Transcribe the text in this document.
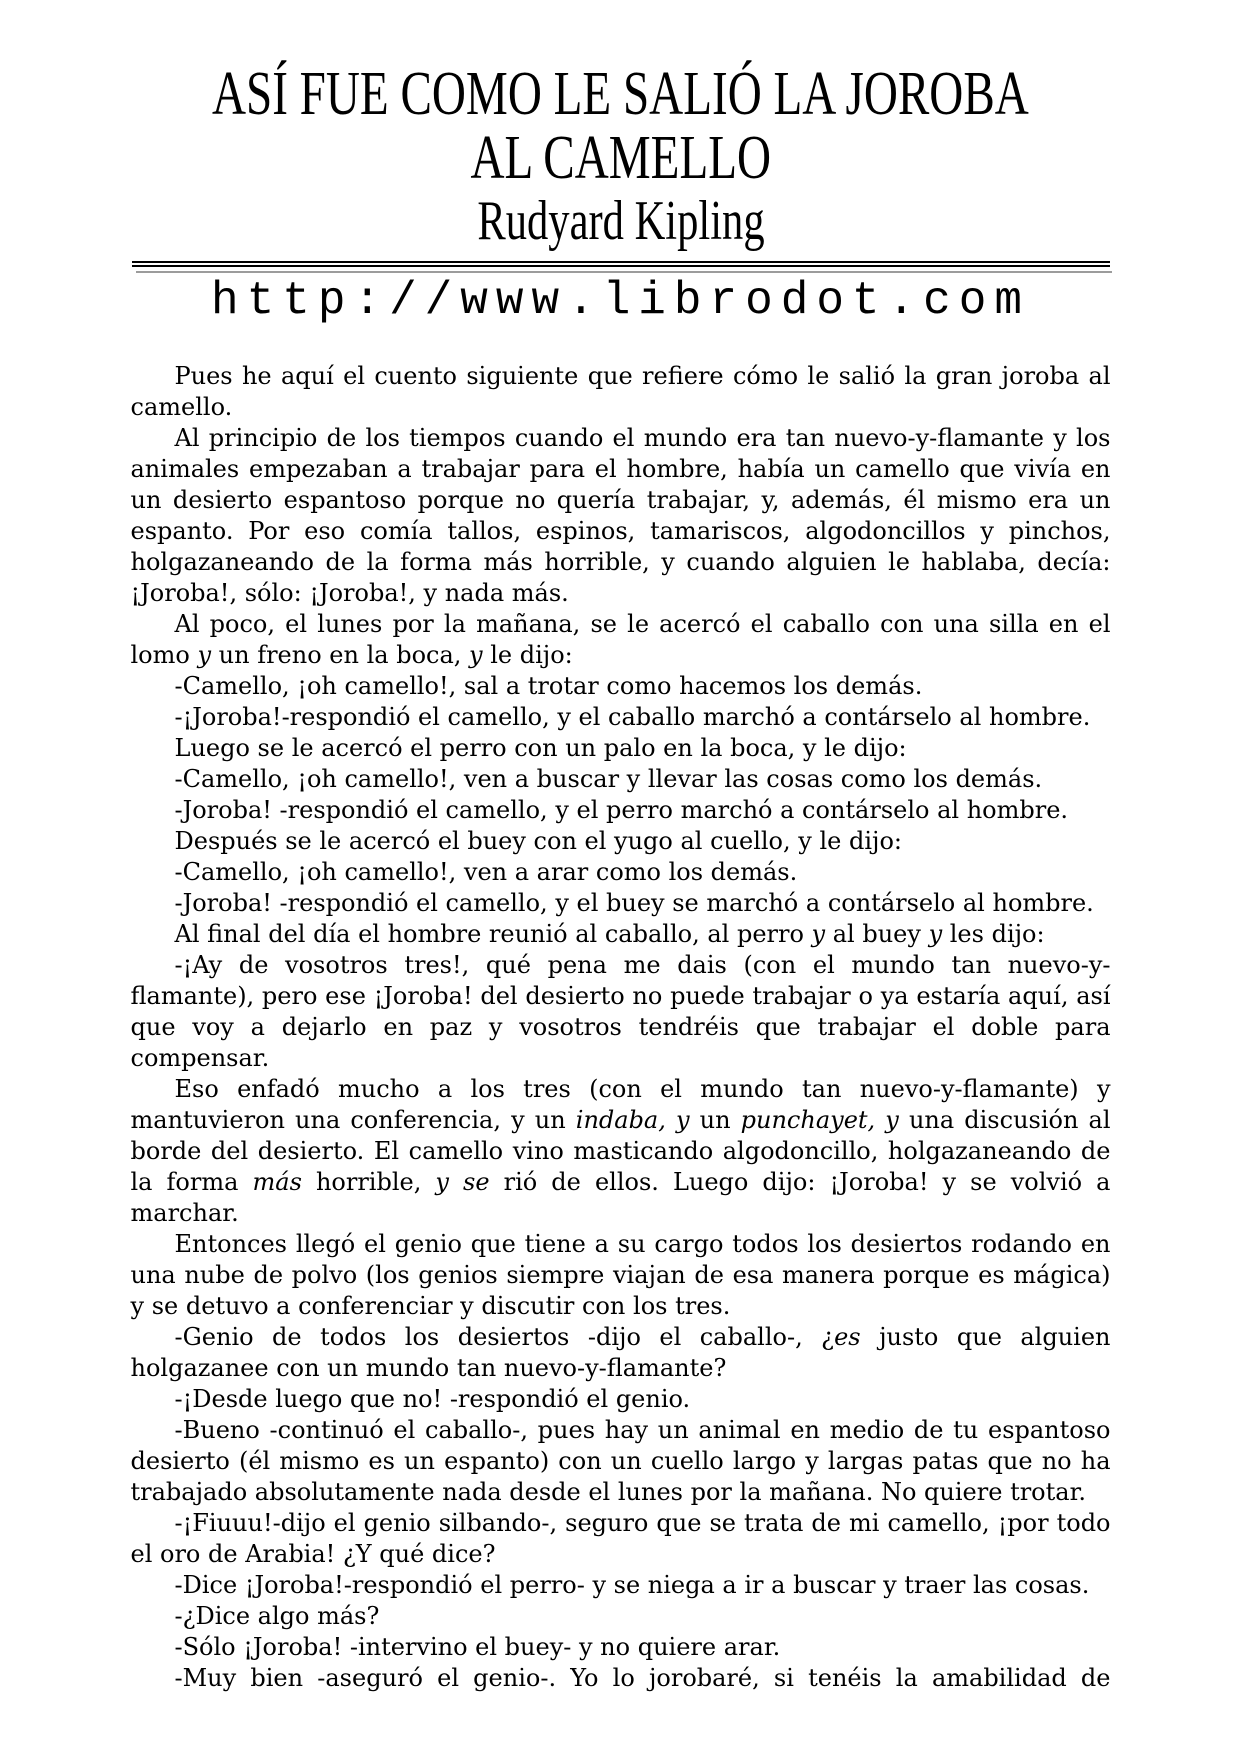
ASÍ FUE COMO LE SALIÓ LA JOROBA
AL CAMELLO
Rudyard Kipling
http://www.librodot.com

Pues he aquí el cuento siguiente que refiere cómo le salió la gran joroba al camello.

Al principio de los tiempos cuando el mundo era tan nuevo-y-flamante y los animales empezaban a trabajar para el hombre, había un camello que vivía en un desierto espantoso porque no quería trabajar, y, además, él mismo era un espanto. Por eso comía tallos, espinos, tamariscos, algodoncillos y pinchos, holgazaneando de la forma más horrible, y cuando alguien le hablaba, decía: ¡Joroba!, sólo: ¡Joroba!, y nada más.

Al poco, el lunes por la mañana, se le acercó el caballo con una silla en el lomo y un freno en la boca, y le dijo:

-Camello, ¡oh camello!, sal a trotar como hacemos los demás.

-¡Joroba!-respondió el camello, y el caballo marchó a contárselo al hombre.

Luego se le acercó el perro con un palo en la boca, y le dijo:

-Camello, ¡oh camello!, ven a buscar y llevar las cosas como los demás.

-Joroba! -respondió el camello, y el perro marchó a contárselo al hombre.

Después se le acercó el buey con el yugo al cuello, y le dijo:

-Camello, ¡oh camello!, ven a arar como los demás.

-Joroba! -respondió el camello, y el buey se marchó a contárselo al hombre.

Al final del día el hombre reunió al caballo, al perro y al buey y les dijo:

-¡Ay de vosotros tres!, qué pena me dais (con el mundo tan nuevo-y-flamante), pero ese ¡Joroba! del desierto no puede trabajar o ya estaría aquí, así que voy a dejarlo en paz y vosotros tendréis que trabajar el doble para compensar.

Eso enfadó mucho a los tres (con el mundo tan nuevo-y-flamante) y mantuvieron una conferencia, y un indaba, y un punchayet, y una discusión al borde del desierto. El camello vino masticando algodoncillo, holgazaneando de la forma más horrible, y se rió de ellos. Luego dijo: ¡Joroba! y se volvió a marchar.

Entonces llegó el genio que tiene a su cargo todos los desiertos rodando en una nube de polvo (los genios siempre viajan de esa manera porque es mágica) y se detuvo a conferenciar y discutir con los tres.

-Genio de todos los desiertos -dijo el caballo-, ¿es justo que alguien holgazanee con un mundo tan nuevo-y-flamante?

-¡Desde luego que no! -respondió el genio.

-Bueno -continuó el caballo-, pues hay un animal en medio de tu espantoso desierto (él mismo es un espanto) con un cuello largo y largas patas que no ha trabajado absolutamente nada desde el lunes por la mañana. No quiere trotar.

-¡Fiuuu!-dijo el genio silbando-, seguro que se trata de mi camello, ¡por todo el oro de Arabia! ¿Y qué dice?

-Dice ¡Joroba!-respondió el perro- y se niega a ir a buscar y traer las cosas.

-¿Dice algo más?

-Sólo ¡Joroba! -intervino el buey- y no quiere arar.

-Muy bien -aseguró el genio-. Yo lo jorobaré, si tenéis la amabilidad de
